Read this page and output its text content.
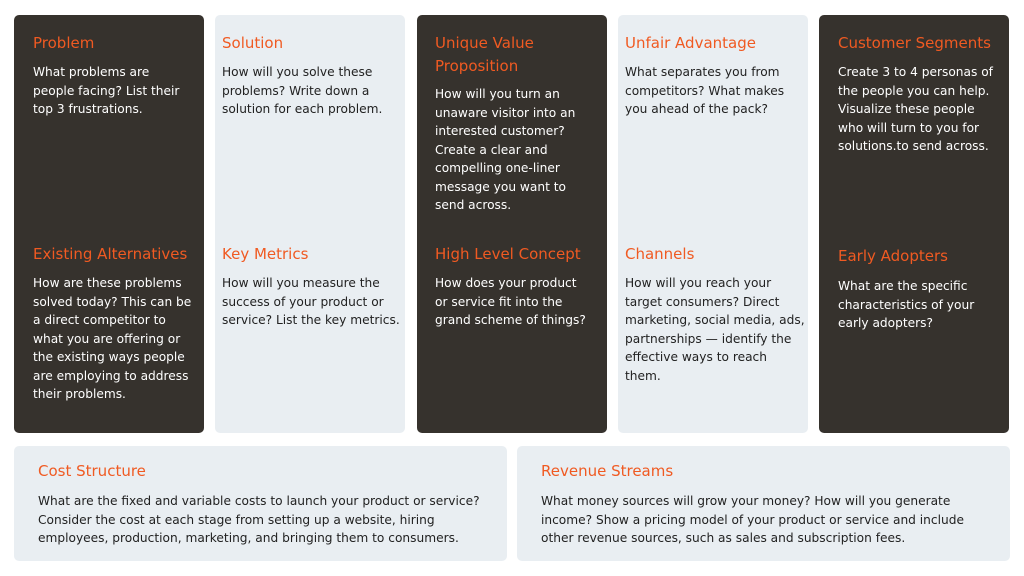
Problem

What problems are people facing? List their top 3 frustrations.

Existing Alternatives

How are these problems solved today? This can be a direct competitor to what you are offering or the existing ways people are employing to address their problems.

Solution

How will you solve these problems? Write down a solution for each problem.

Key Metrics

How will you measure the success of your product or service? List the key metrics.

Unique Value Proposition

How will you turn an unaware visitor into an interested customer? Create a clear and compelling one-liner message you want to send across.

High Level Concept

How does your product or service fit into the grand scheme of things?

Unfair Advantage

What separates you from competitors? What makes you ahead of the pack?

Channels

How will you reach your target consumers? Direct marketing, social media, ads, partnerships — identify the effective ways to reach them.

Customer Segments

Create 3 to 4 personas of the people you can help. Visualize these people who will turn to you for solutions.to send across.

Early Adopters

What are the specific characteristics of your early adopters?

Cost Structure

What are the fixed and variable costs to launch your product or service? Consider the cost at each stage from setting up a website, hiring employees, production, marketing, and bringing them to consumers.

Revenue Streams

What money sources will grow your money? How will you generate income? Show a pricing model of your product or service and include other revenue sources, such as sales and subscription fees.
